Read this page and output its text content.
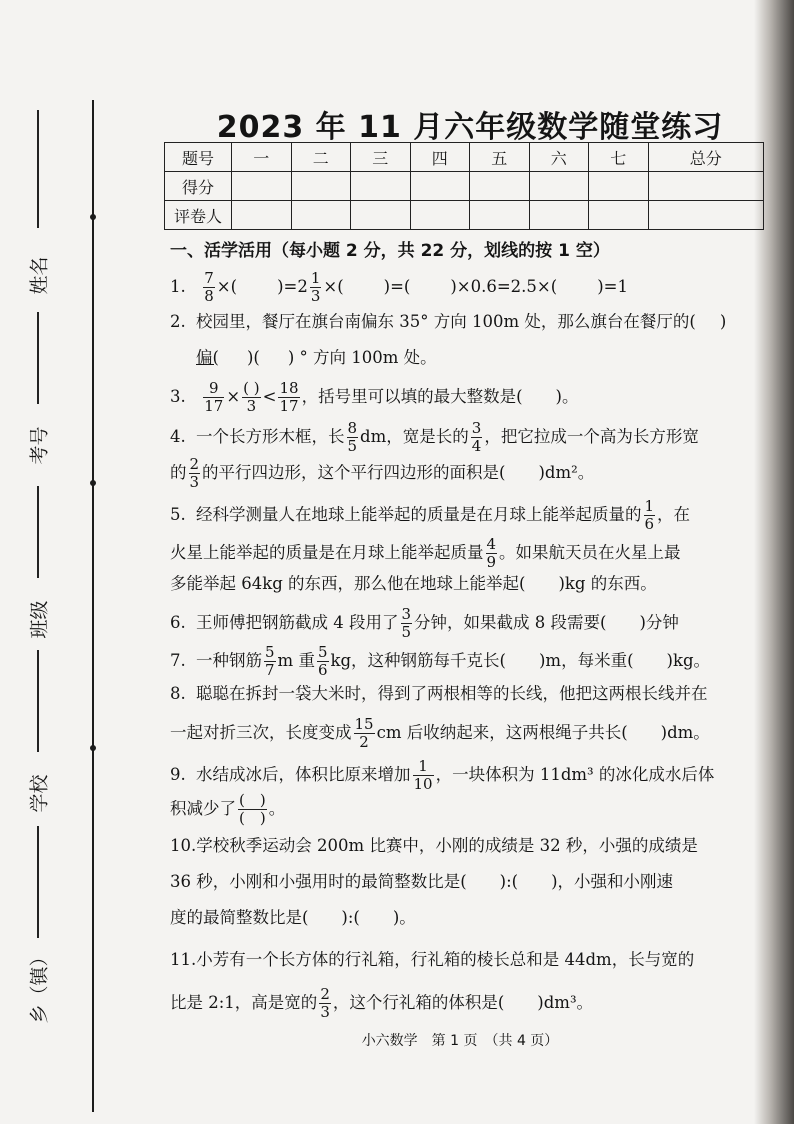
姓名
考号
班级
学校
乡（镇）
2023 年 11 月六年级数学随堂练习
题号	一	二	三	四	五	六	七	总分
得分								
评卷人								
一、活学活用（每小题 2 分，共 22 分，划线的按 1 空）
1. $\frac{7}{8}$ ×( )$=2 \frac{1}{3}$ ×( )=( )×0.6=2.5×( )=1
2. 校园里，餐厅在旗台南偏东 35° 方向 100m 处，那么旗台在餐厅的( )
偏( )( ) ° 方向 100m 处。
3. $\frac{9}{17} \times \frac{( )}{3} < \frac{18}{17}$ ，括号里可以填的最大整数是(　　)。
4. 一个长方形木框，长 $\frac{8}{5}$ dm，宽是长的 $\frac{3}{4}$ ，把它拉成一个高为长方形宽
的 $\frac{2}{3}$ 的平行四边形，这个平行四边形的面积是(　　)dm²。
5. 经科学测量人在地球上能举起的质量是在月球上能举起质量的 $\frac{1}{6}$ ，在
火星上能举起的质量是在月球上能举起质量 $\frac{4}{9}$ 。如果航天员在火星上最
多能举起 64kg 的东西，那么他在地球上能举起(　　)kg 的东西。
6. 王师傅把钢筋截成 4 段用了 $\frac{3}{5}$ 分钟，如果截成 8 段需要(　　)分钟
7. 一种钢筋 $\frac{5}{7}$ m 重 $\frac{5}{6}$ kg，这种钢筋每千克长(　　)m，每米重(　　)kg。
8. 聪聪在拆封一袋大米时，得到了两根相等的长线，他把这两根长线并在
一起对折三次，长度变成 $\frac{15}{2}$ cm 后收纳起来，这两根绳子共长(　　)dm。
9. 水结成冰后，体积比原来增加 $\frac{1}{10}$ ，一块体积为 11dm³ 的冰化成水后体
积减少了 $\frac{( )}{( )}$ 。
10.学校秋季运动会 200m 比赛中，小刚的成绩是 32 秒，小强的成绩是
36 秒，小刚和小强用时的最简整数比是(　　):(　　)，小强和小刚速
度的最简整数比是(　　):(　　)。
11.小芳有一个长方体的行礼箱，行礼箱的棱长总和是 44dm，长与宽的
比是 2:1，高是宽的 $\frac{2}{3}$ ，这个行礼箱的体积是(　　)dm³。
小六数学　第 1 页　（共 4 页）
